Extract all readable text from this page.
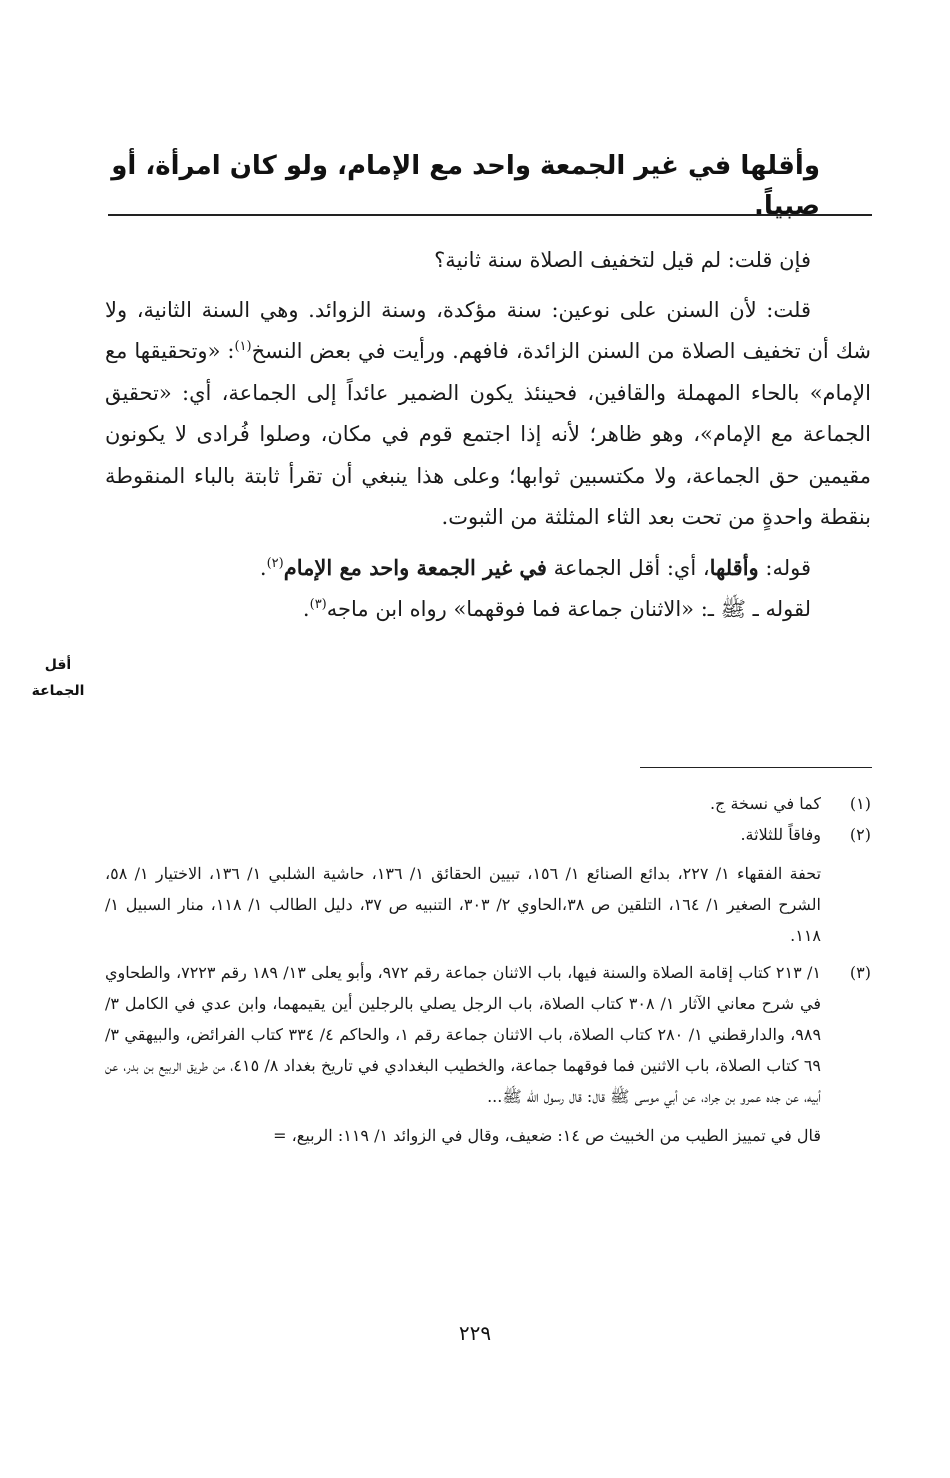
وأقلها في غير الجمعة واحد مع الإمام، ولو كان امرأة، أو صبياً.

فإن قلت: لم قيل لتخفيف الصلاة سنة ثانية؟

قلت: لأن السنن على نوعين: سنة مؤكدة، وسنة الزوائد. وهي السنة الثانية، ولا شك أن تخفيف الصلاة من السنن الزائدة، فافهم. ورأيت في بعض النسخ$^{(١)}$: «وتحقيقها مع الإمام» بالحاء المهملة والقافين، فحينئذ يكون الضمير عائداً إلى الجماعة، أي: «تحقيق الجماعة مع الإمام»، وهو ظاهر؛ لأنه إذا اجتمع قوم في مكان، وصلوا فُرادى لا يكونون مقيمين حق الجماعة، ولا مكتسبين ثوابها؛ وعلى هذا ينبغي أن تقرأ ثابتة بالباء المنقوطة بنقطة واحدةٍ من تحت بعد الثاء المثلثة من الثبوت.

قوله: وأقلها، أي: أقل الجماعة في غير الجمعة واحد مع الإمام$^{(٢)}$.

لقوله ـ ﷺ ـ: «الاثنان جماعة فما فوقهما» رواه ابن ماجه$^{(٣)}$.

أقل
الجماعة
(١)
كما في نسخة ج.
(٢)
وفاقاً للثلاثة.
تحفة الفقهاء ١/ ٢٢٧، بدائع الصنائع ١/ ١٥٦، تبيين الحقائق ١/ ١٣٦، حاشية الشلبي ١/ ١٣٦، الاختيار ١/ ٥٨، الشرح الصغير ١/ ١٦٤، التلقين ص ٣٨،الحاوي ٢/ ٣٠٣، التنبيه ص ٣٧، دليل الطالب ١/ ١١٨، منار السبيل ١/ ١١٨.
(٣)
١/ ٢١٣ كتاب إقامة الصلاة والسنة فيها، باب الاثنان جماعة رقم ٩٧٢، وأبو يعلى ١٣/ ١٨٩ رقم ٧٢٢٣، والطحاوي في شرح معاني الآثار ١/ ٣٠٨ كتاب الصلاة، باب الرجل يصلي بالرجلين أين يقيمهما، وابن عدي في الكامل ٣/ ٩٨٩، والدارقطني ١/ ٢٨٠ كتاب الصلاة، باب الاثنان جماعة رقم ١، والحاكم ٤/ ٣٣٤ كتاب الفرائض، والبيهقي ٣/ ٦٩ كتاب الصلاة، باب الاثنين فما فوقهما جماعة، والخطيب البغدادي في تاريخ بغداد ٨/ ٤١٥، من طريق الربيع بن بدر، عن أبيه، عن جده عمرو بن جراد، عن أبي موسى ﷺ قال: قال رسول الله ﷺ...
قال في تمييز الطيب من الخبيث ص ١٤: ضعيف، وقال في الزوائد ١/ ١١٩: الربيع، =
٢٢٩
